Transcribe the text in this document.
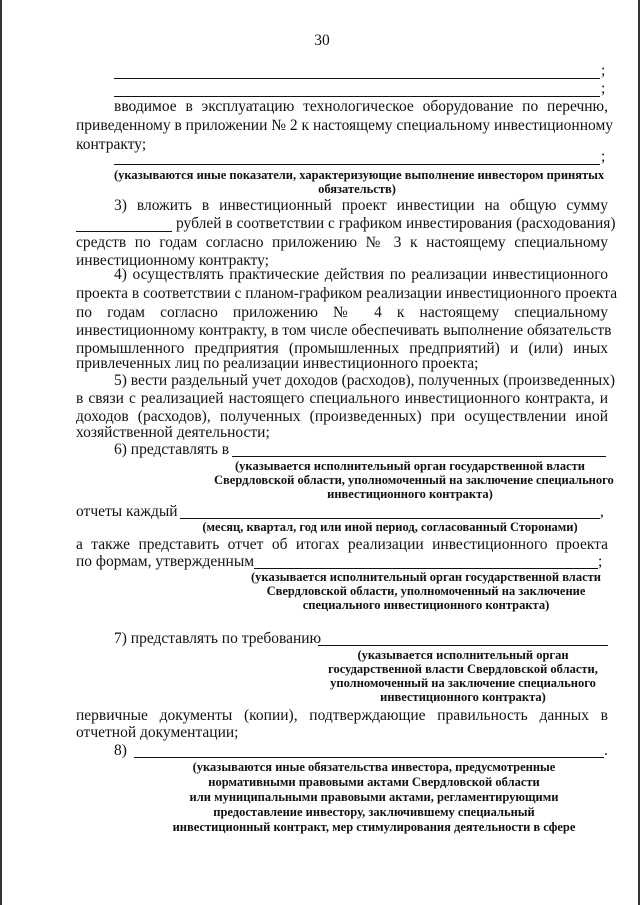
30
;
;
вводимое в эксплуатацию технологическое оборудование по перечню,
приведенному в приложении № 2 к настоящему специальному инвестиционному
контракту;
;
(указываются иные показатели, характеризующие выполнение инвестором принятых
обязательств)
3) вложить в инвестиционный проект инвестиции на общую сумму
рублей в соответствии с графиком инвестирования (расходования)
средств по годам согласно приложению № 3 к настоящему специальному
инвестиционному контракту;
4) осуществлять практические действия по реализации инвестиционного
проекта в соответствии с планом-графиком реализации инвестиционного проекта
по годам согласно приложению № 4 к настоящему специальному
инвестиционному контракту, в том числе обеспечивать выполнение обязательств
промышленного предприятия (промышленных предприятий) и (или) иных
привлеченных лиц по реализации инвестиционного проекта;
5) вести раздельный учет доходов (расходов), полученных (произведенных)
в связи с реализацией настоящего специального инвестиционного контракта, и
доходов (расходов), полученных (произведенных) при осуществлении иной
хозяйственной деятельности;
6) представлять в
(указывается исполнительный орган государственной власти
Свердловской области, уполномоченный на заключение специального
инвестиционного контракта)
отчеты каждый	,
(месяц, квартал, год или иной период, согласованный Сторонами)
а также представить отчет об итогах реализации инвестиционного проекта
по формам, утвержденным	;
(указывается исполнительный орган государственной власти
Свердловской области, уполномоченный на заключение
специального инвестиционного контракта)
7) представлять по требованию
(указывается исполнительный орган
государственной власти Свердловской области,
уполномоченный на заключение специального
инвестиционного контракта)
первичные документы (копии), подтверждающие правильность данных в
отчетной документации;
8)	.
(указываются иные обязательства инвестора, предусмотренные
нормативными правовыми актами Свердловской области
или муниципальными правовыми актами, регламентирующими
предоставление инвестору, заключившему специальный
инвестиционный контракт, мер стимулирования деятельности в сфере
